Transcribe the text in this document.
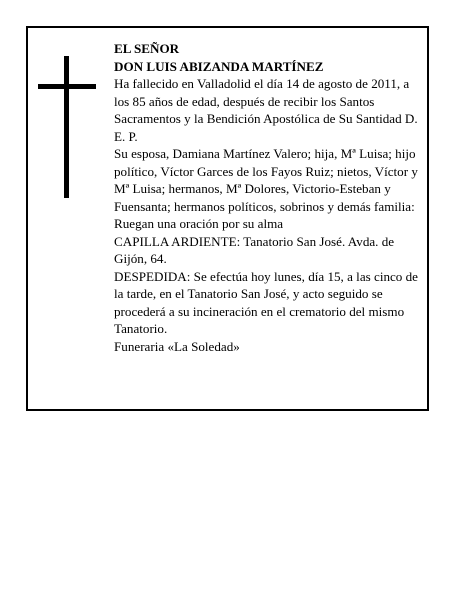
EL SEÑOR

DON LUIS ABIZANDA MARTÍNEZ

Ha fallecido en Valladolid el día 14 de agosto de 2011, a los 85 años de edad, después de recibir los Santos Sacramentos y la Bendición Apostólica de Su Santidad D. E. P.

Su esposa, Damiana Martínez Valero; hija, Mª Luisa; hijo político, Víctor Garces de los Fayos Ruiz; nietos, Víctor y Mª Luisa; hermanos, Mª Dolores, Victorio-Esteban y Fuensanta; hermanos políticos, sobrinos y demás familia:

Ruegan una oración por su alma

CAPILLA ARDIENTE: Tanatorio San José. Avda. de Gijón, 64.

DESPEDIDA: Se efectúa hoy lunes, día 15, a las cinco de la tarde, en el Tanatorio San José, y acto seguido se procederá a su incineración en el crematorio del mismo Tanatorio.

Funeraria «La Soledad»
